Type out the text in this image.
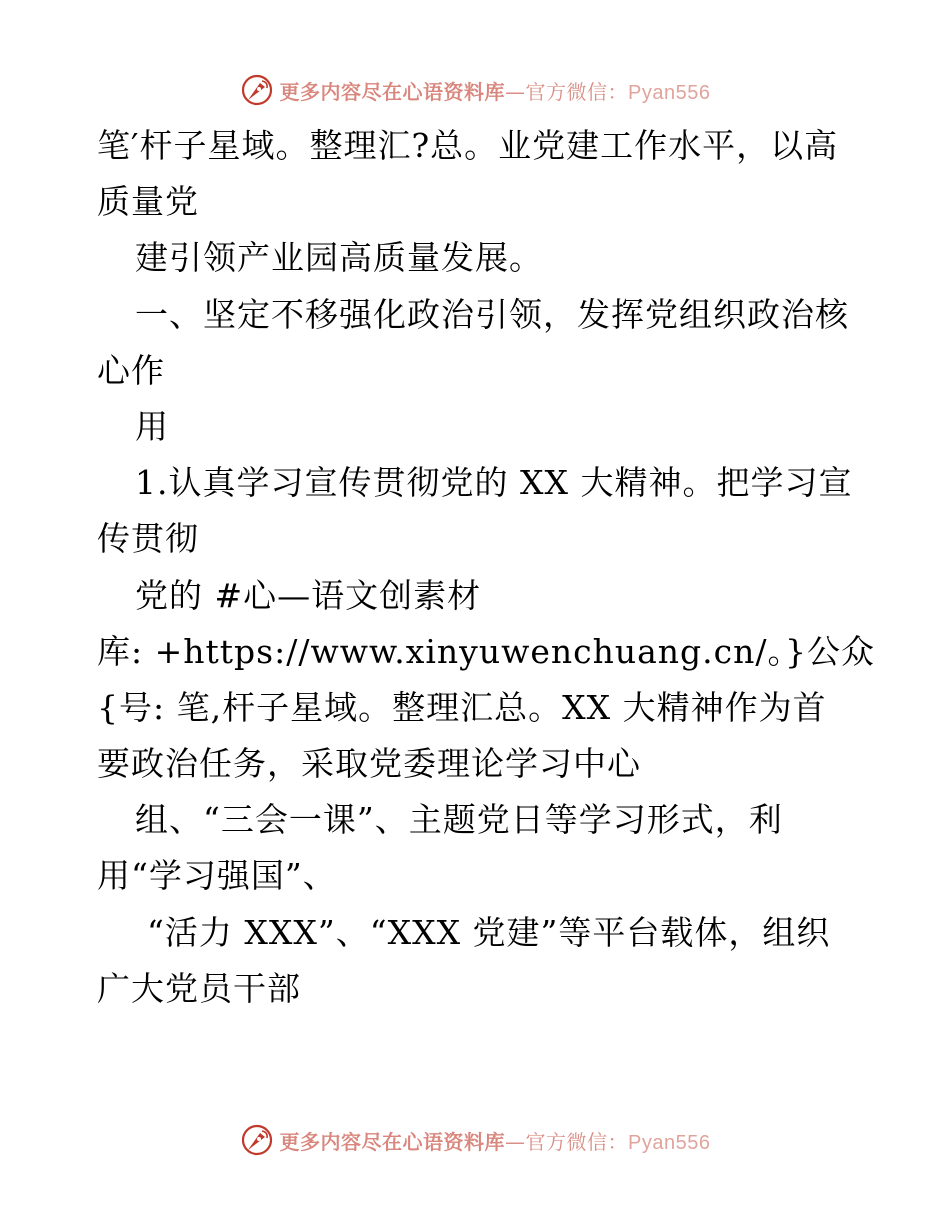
更多内容尽在心语资料库—官方微信：Pyan556
笔′杆子星域。整理汇?总。业党建工作水平，以高
质量党
建引领产业园高质量发展。
一、坚定不移强化政治引领，发挥党组织政治核
心作
用
1.认真学习宣传贯彻党的 XX 大精神。把学习宣
传贯彻
党的 #心—语文创素材
库: +https://www.xinyuwenchuang.cn/。}公众
{号: 笔,杆子星域。整理汇总。XX 大精神作为首
要政治任务，采取党委理论学习中心
组、“三会一课”、主题党日等学习形式，利
用“学习强国”、
“活力 XXX”、“XXX 党建”等平台载体，组织
广大党员干部
更多内容尽在心语资料库—官方微信：Pyan556
